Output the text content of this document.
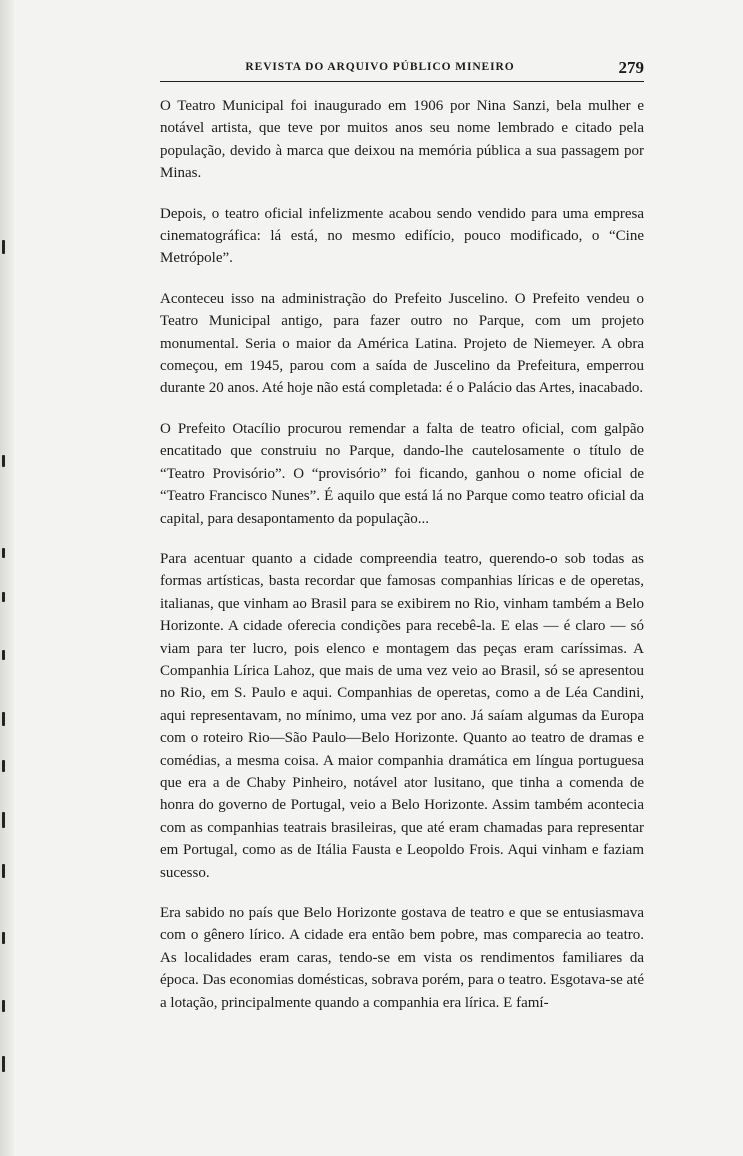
REVISTA DO ARQUIVO PÚBLICO MINEIRO	279

O Teatro Municipal foi inaugurado em 1906 por Nina Sanzi, bela mulher e notável artista, que teve por muitos anos seu nome lembrado e citado pela população, devido à marca que deixou na memória pública a sua passagem por Minas.

Depois, o teatro oficial infelizmente acabou sendo vendido para uma empresa cinematográfica: lá está, no mesmo edifício, pouco modificado, o “Cine Metrópole”.

Aconteceu isso na administração do Prefeito Juscelino. O Prefeito vendeu o Teatro Municipal antigo, para fazer outro no Parque, com um projeto monumental. Seria o maior da América Latina. Projeto de Niemeyer. A obra começou, em 1945, parou com a saída de Juscelino da Prefeitura, emperrou durante 20 anos. Até hoje não está completada: é o Palácio das Artes, inacabado.

O Prefeito Otacílio procurou remendar a falta de teatro oficial, com galpão encatitado que construiu no Parque, dando-lhe cautelosamente o título de “Teatro Provisório”. O “provisório” foi ficando, ganhou o nome oficial de “Teatro Francisco Nunes”. É aquilo que está lá no Parque como teatro oficial da capital, para desapontamento da população...

Para acentuar quanto a cidade compreendia teatro, querendo-o sob todas as formas artísticas, basta recordar que famosas companhias líricas e de operetas, italianas, que vinham ao Brasil para se exibirem no Rio, vinham também a Belo Horizonte. A cidade oferecia condições para recebê-la. E elas — é claro — só viam para ter lucro, pois elenco e montagem das peças eram caríssimas. A Companhia Lírica Lahoz, que mais de uma vez veio ao Brasil, só se apresentou no Rio, em S. Paulo e aqui. Companhias de operetas, como a de Léa Candini, aqui representavam, no mínimo, uma vez por ano. Já saíam algumas da Europa com o roteiro Rio—São Paulo—Belo Horizonte. Quanto ao teatro de dramas e comédias, a mesma coisa. A maior companhia dramática em língua portuguesa que era a de Chaby Pinheiro, notável ator lusitano, que tinha a comenda de honra do governo de Portugal, veio a Belo Horizonte. Assim também acontecia com as companhias teatrais brasileiras, que até eram chamadas para representar em Portugal, como as de Itália Fausta e Leopoldo Frois. Aqui vinham e faziam sucesso.

Era sabido no país que Belo Horizonte gostava de teatro e que se entusiasmava com o gênero lírico. A cidade era então bem pobre, mas comparecia ao teatro. As localidades eram caras, tendo-se em vista os rendimentos familiares da época. Das economias domésticas, sobrava porém, para o teatro. Esgotava-se até a lotação, principalmente quando a companhia era lírica. E famí-
